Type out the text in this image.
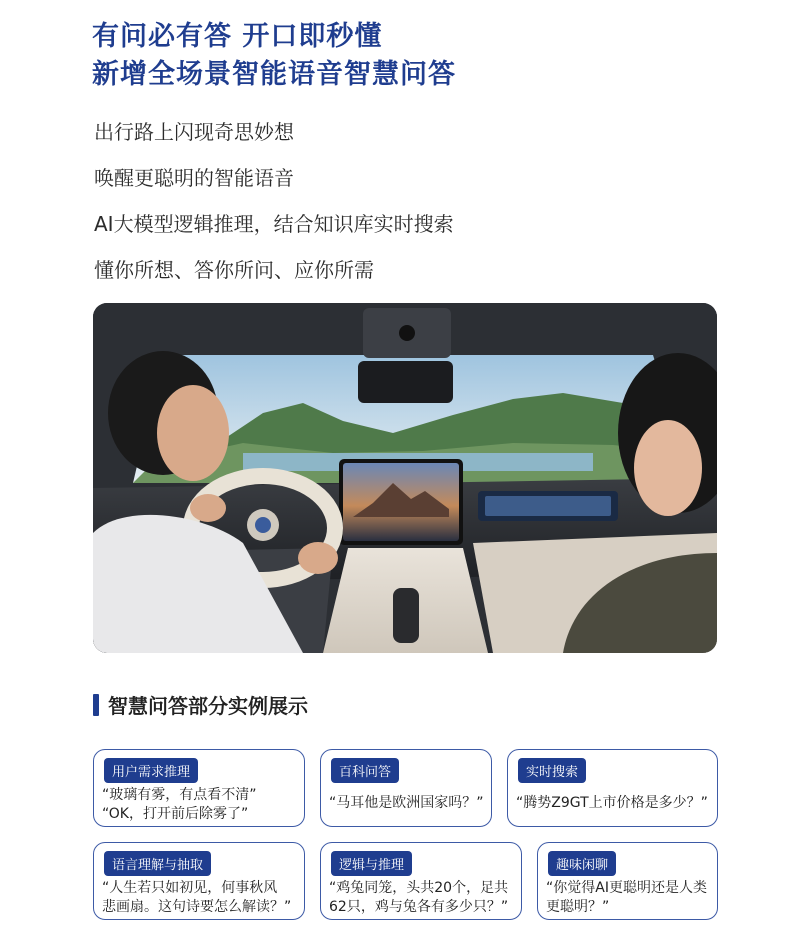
有问必有答 开口即秒懂
新增全场景智能语音智慧问答
出行路上闪现奇思妙想
唤醒更聪明的智能语音
AI大模型逻辑推理，结合知识库实时搜索
懂你所想、答你所问、应你所需
智慧问答部分实例展示
用户需求推理
“玻璃有雾，有点看不清”
“OK，打开前后除雾了”
百科问答
“马耳他是欧洲国家吗？”
实时搜索
“腾势Z9GT上市价格是多少？”
语言理解与抽取
“人生若只如初见，何事秋风
悲画扇。这句诗要怎么解读？”
逻辑与推理
“鸡兔同笼，头共20个，足共
62只，鸡与兔各有多少只？”
趣味闲聊
“你觉得AI更聪明还是人类
更聪明？”
